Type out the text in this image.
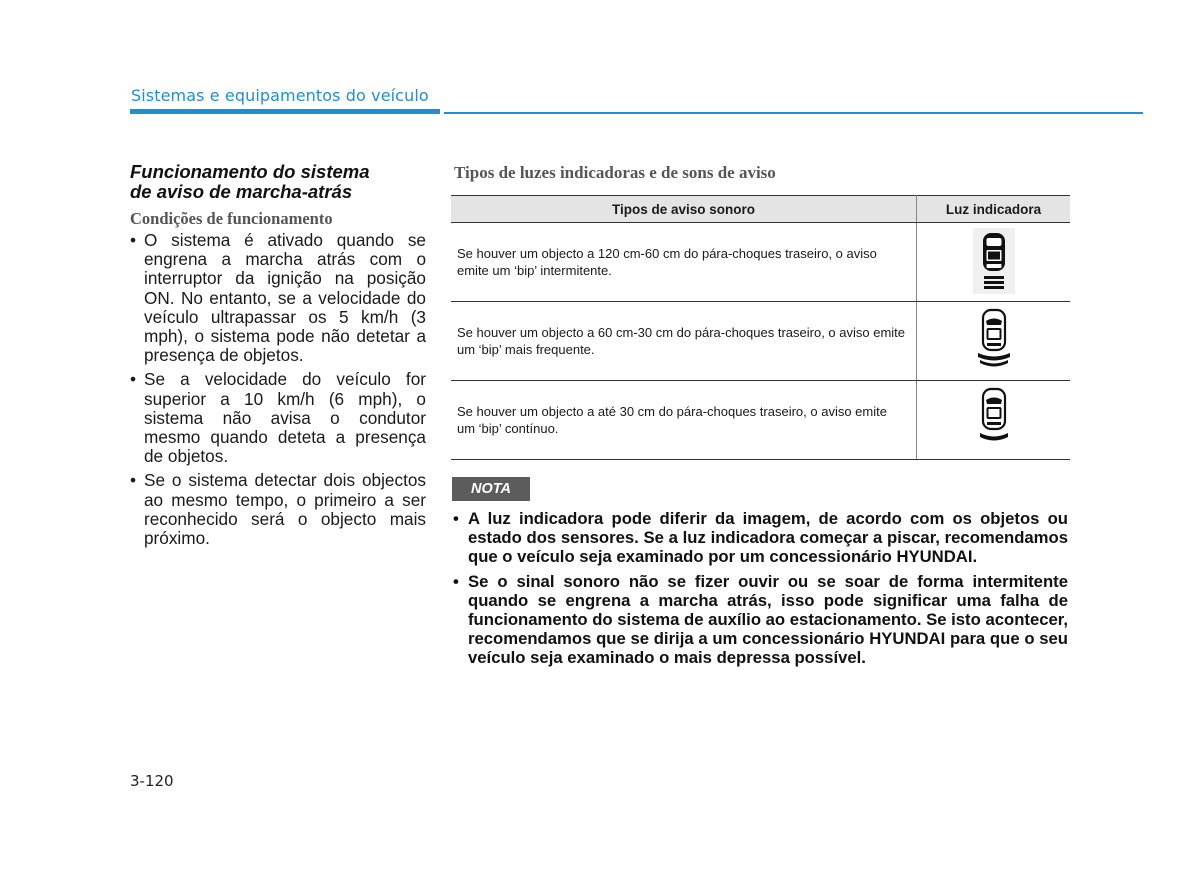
Sistemas e equipamentos do veículo
Funcionamento do sistema
de aviso de marcha-atrás
Condições de funcionamento
• O sistema é ativado quando se engrena a marcha atrás com o interruptor da ignição na posição ON. No entanto, se a velocidade do veículo ultrapassar os 5 km/h (3 mph), o sistema pode não detetar a presença de objetos.
• Se a velocidade do veículo for superior a 10 km/h (6 mph), o sistema não avisa o condutor mesmo quando deteta a presença de objetos.
• Se o sistema detectar dois objectos ao mesmo tempo, o primeiro a ser reconhecido será o objecto mais próximo.
Tipos de luzes indicadoras e de sons de aviso
Tipos de aviso sonoro	Luz indicadora
Se houver um objecto a 120 cm-60 cm do pára-choques traseiro, o aviso emite um ‘bip’ intermitente.	
Se houver um objecto a 60 cm-30 cm do pára-choques traseiro, o aviso emite um ‘bip’ mais frequente.	
Se houver um objecto a até 30 cm do pára-choques traseiro, o aviso emite um ‘bip’ contínuo.	
NOTA
• A luz indicadora pode diferir da imagem, de acordo com os objetos ou estado dos sensores. Se a luz indicadora começar a piscar, recomendamos que o veículo seja examinado por um concessionário HYUNDAI.
• Se o sinal sonoro não se fizer ouvir ou se soar de forma intermitente quando se engrena a marcha atrás, isso pode significar uma falha de funcionamento do sistema de auxílio ao estacionamento. Se isto acontecer, recomendamos que se dirija a um concessionário HYUNDAI para que o seu veículo seja examinado o mais depressa possível.
3-120
